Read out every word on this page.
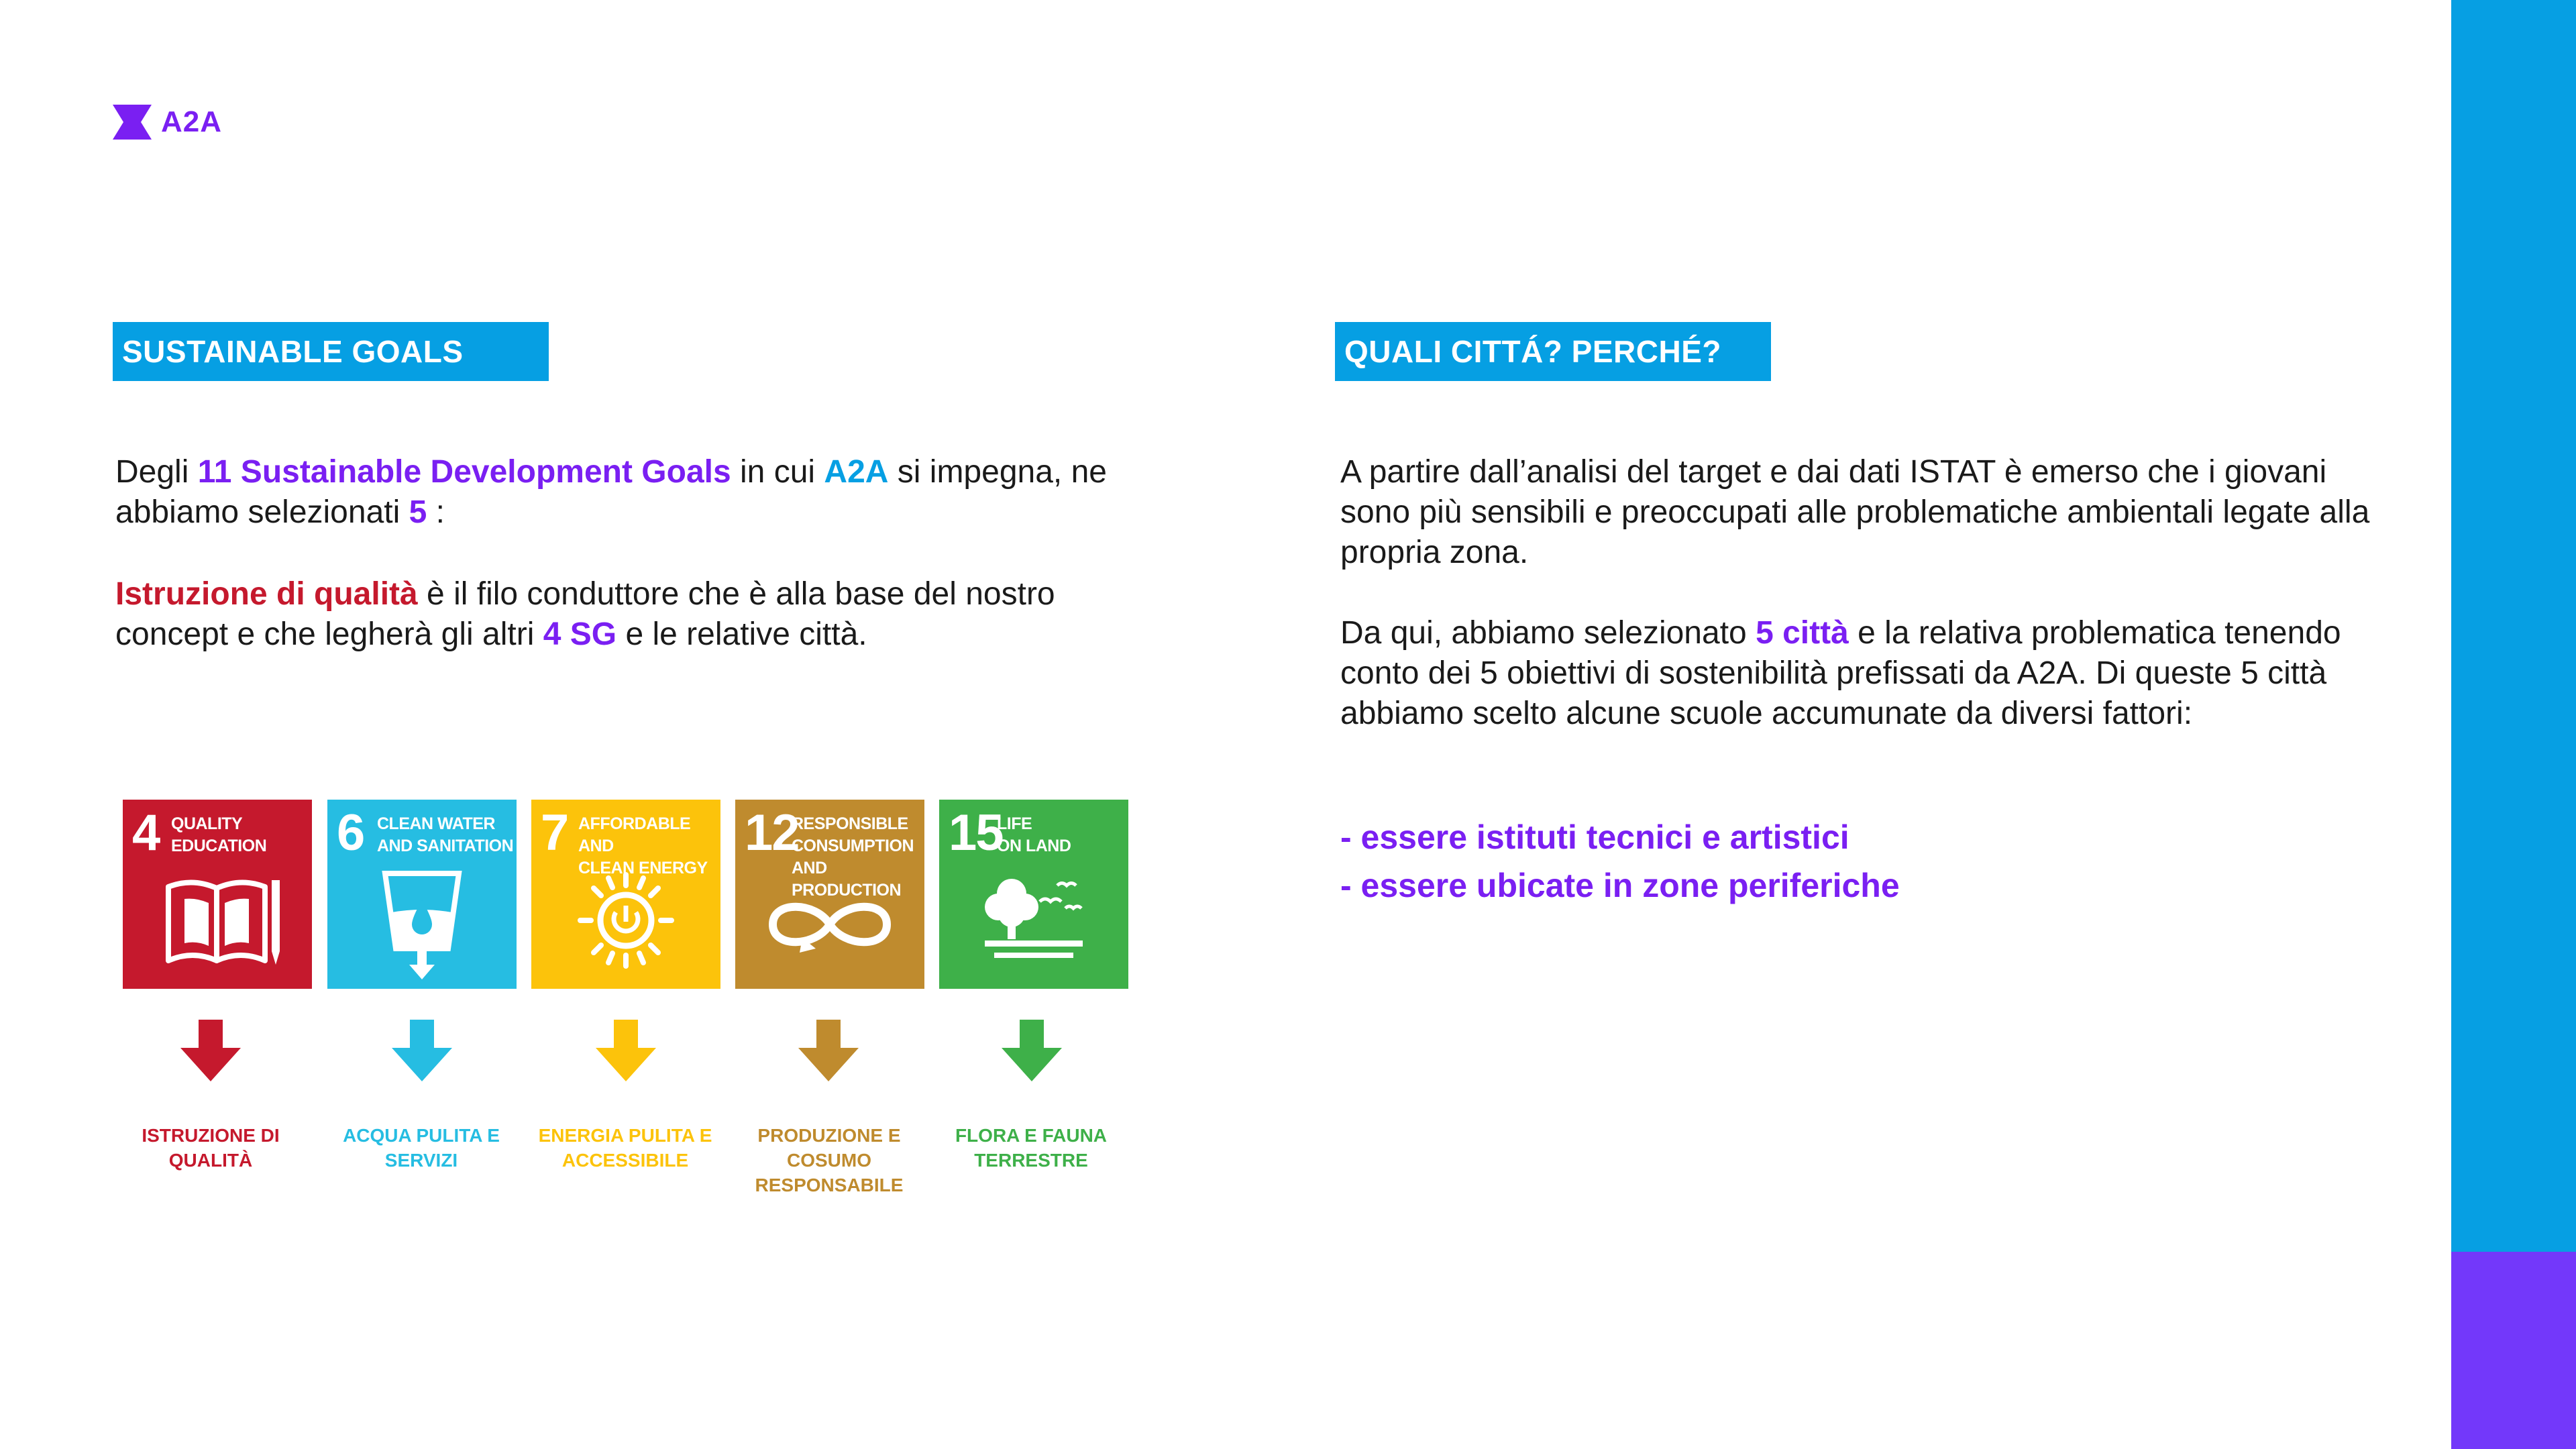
A2A
SUSTAINABLE GOALS

Degli 11 Sustainable Development Goals in cui A2A si impegna, ne abbiamo selezionati 5 :

Istruzione di qualità è il filo conduttore che è alla base del nostro concept e che legherà gli altri 4 SG e le relative città.

4 QUALITY
EDUCATION 6 CLEAN WATER
AND SANITATION 7 AFFORDABLE AND
CLEAN ENERGY
12
RESPONSIBLE
CONSUMPTION
AND PRODUCTION
15
LIFE
ON LAND

ISTRUZIONE DI QUALITÀ

ACQUA PULITA E SERVIZI

ENERGIA PULITA E ACCESSIBILE

PRODUZIONE E COSUMO RESPONSABILE

FLORA E FAUNA TERRESTRE

QUALI CITTÁ? PERCHÉ?

A partire dall’analisi del target e dai dati ISTAT è emerso che i giovani sono più sensibili e preoccupati alle problematiche ambientali legate alla propria zona.

Da qui, abbiamo selezionato 5 città e la relativa problematica tenendo conto dei 5 obiettivi di sostenibilità prefissati da A2A. Di queste 5 città abbiamo scelto alcune scuole accumunate da diversi fattori:

- essere istituti tecnici e artistici
- essere ubicate in zone periferiche
